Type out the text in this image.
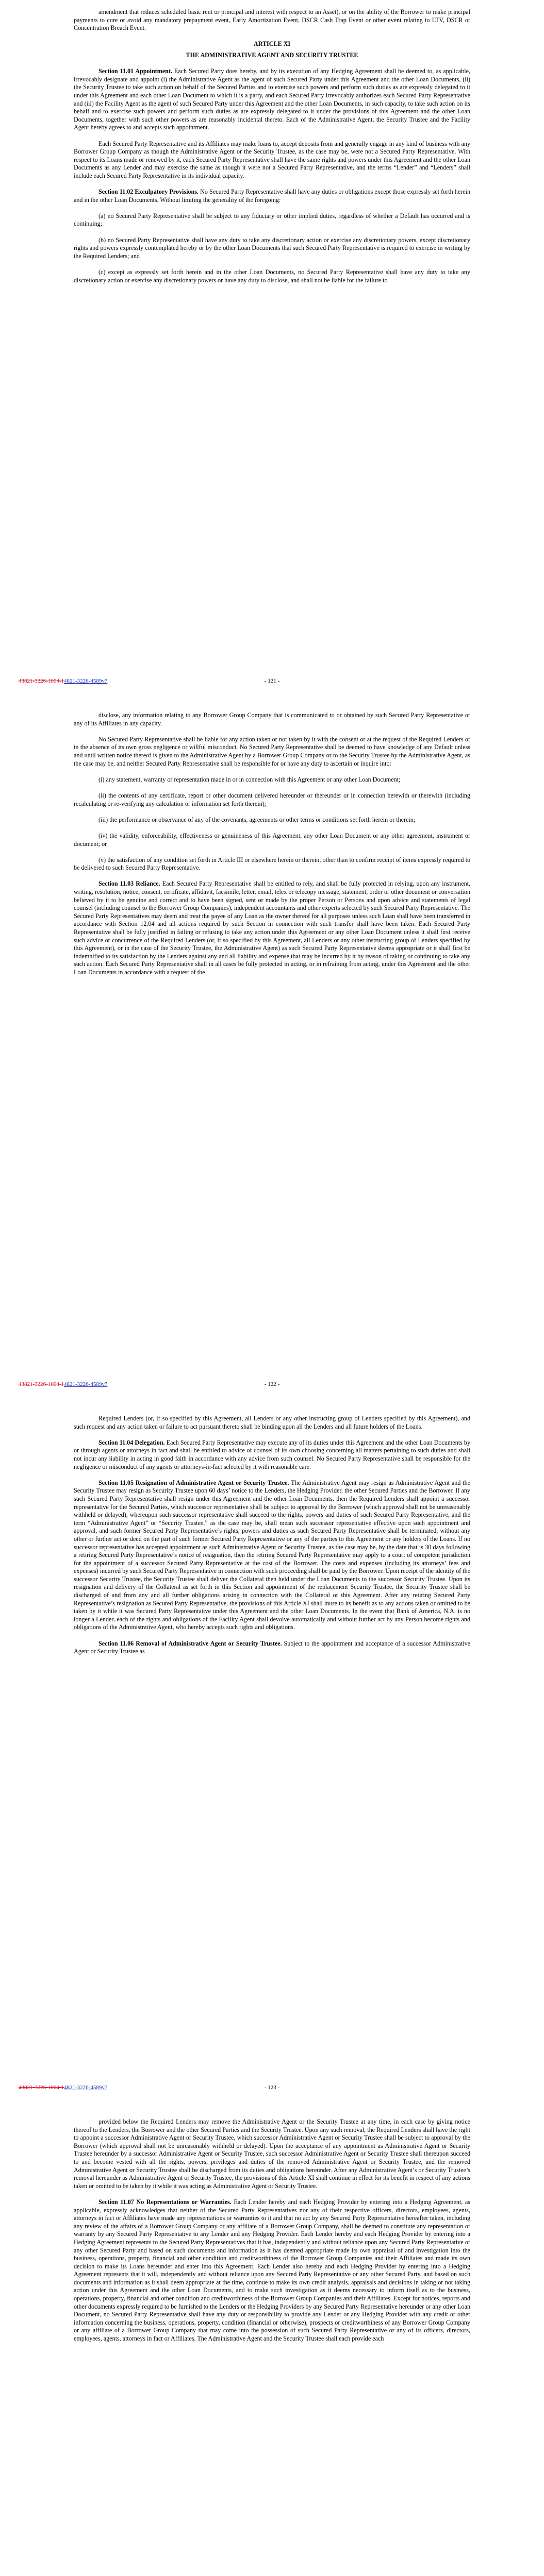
amendment that reduces scheduled basic rent or principal and interest with respect to an Asset), or on the ability of the Borrower to make principal payments to cure or avoid any mandatory prepayment event, Early Amortization Event, DSCR Cash Trap Event or other event relating to LTV, DSCR or Concentration Breach Event.

ARTICLE XI

THE ADMINISTRATIVE AGENT AND SECURITY TRUSTEE

Section 11.01 Appointment. Each Secured Party does hereby, and by its execution of any Hedging Agreement shall be deemed to, as applicable, irrevocably designate and appoint (i) the Administrative Agent as the agent of such Secured Party under this Agreement and the other Loan Documents, (ii) the Security Trustee to take such action on behalf of the Secured Parties and to exercise such powers and perform such duties as are expressly delegated to it under this Agreement and each other Loan Document to which it is a party, and each Secured Party irrevocably authorizes each Secured Party Representative and (iii) the Facility Agent as the agent of such Secured Party under this Agreement and the other Loan Documents, in such capacity, to take such action on its behalf and to exercise such powers and perform such duties as are expressly delegated to it under the provisions of this Agreement and the other Loan Documents, together with such other powers as are reasonably incidental thereto. Each of the Administrative Agent, the Security Trustee and the Facility Agent hereby agrees to and accepts such appointment.

Each Secured Party Representative and its Affiliates may make loans to, accept deposits from and generally engage in any kind of business with any Borrower Group Company as though the Administrative Agent or the Security Trustee, as the case may be, were not a Secured Party Representative. With respect to its Loans made or renewed by it, each Secured Party Representative shall have the same rights and powers under this Agreement and the other Loan Documents as any Lender and may exercise the same as though it were not a Secured Party Representative, and the terms “Lender” and “Lenders” shall include each Secured Party Representative in its individual capacity.

Section 11.02 Exculpatory Provisions. No Secured Party Representative shall have any duties or obligations except those expressly set forth herein and in the other Loan Documents. Without limiting the generality of the foregoing:

(a) no Secured Party Representative shall be subject to any fiduciary or other implied duties, regardless of whether a Default has occurred and is continuing;

(b) no Secured Party Representative shall have any duty to take any discretionary action or exercise any discretionary powers, except discretionary rights and powers expressly contemplated hereby or by the other Loan Documents that such Secured Party Representative is required to exercise in writing by the Required Lenders; and

(c) except as expressly set forth herein and in the other Loan Documents, no Secured Party Representative shall have any duty to take any discretionary action or exercise any discretionary powers or have any duty to disclose, and shall not be liable for the failure to

43821-3226-1004-14821-3226-4589v7	- 121 -

disclose, any information relating to any Borrower Group Company that is communicated to or obtained by such Secured Party Representative or any of its Affiliates in any capacity.

No Secured Party Representative shall be liable for any action taken or not taken by it with the consent or at the request of the Required Lenders or in the absence of its own gross negligence or willful misconduct. No Secured Party Representative shall be deemed to have knowledge of any Default unless and until written notice thereof is given to the Administrative Agent by a Borrower Group Company or to the Security Trustee by the Administrative Agent, as the case may be, and neither Secured Party Representative shall be responsible for or have any duty to ascertain or inquire into:

(i) any statement, warranty or representation made in or in connection with this Agreement or any other Loan Document;

(ii) the contents of any certificate, report or other document delivered hereunder or thereunder or in connection herewith or therewith (including recalculating or re-verifying any calculation or information set forth therein);

(iii) the performance or observance of any of the covenants, agreements or other terms or conditions set forth herein or therein;

(iv) the validity, enforceability, effectiveness or genuineness of this Agreement, any other Loan Document or any other agreement, instrument or document; or

(v) the satisfaction of any condition set forth in Article III or elsewhere herein or therein, other than to confirm receipt of items expressly required to be delivered to such Secured Party Representative.

Section 11.03 Reliance. Each Secured Party Representative shall be entitled to rely, and shall be fully protected in relying, upon any instrument, writing, resolution, notice, consent, certificate, affidavit, facsimile, letter, email, telex or telecopy message, statement, order or other document or conversation believed by it to be genuine and correct and to have been signed, sent or made by the proper Person or Persons and upon advice and statements of legal counsel (including counsel to the Borrower Group Companies), independent accountants and other experts selected by such Secured Party Representative. The Secured Party Representatives may deem and treat the payee of any Loan as the owner thereof for all purposes unless such Loan shall have been transferred in accordance with Section 12.04 and all actions required by such Section in connection with such transfer shall have been taken. Each Secured Party Representative shall be fully justified in failing or refusing to take any action under this Agreement or any other Loan Document unless it shall first receive such advice or concurrence of the Required Lenders (or, if so specified by this Agreement, all Lenders or any other instructing group of Lenders specified by this Agreement), or in the case of the Security Trustee, the Administrative Agent) as such Secured Party Representative deems appropriate or it shall first be indemnified to its satisfaction by the Lenders against any and all liability and expense that may be incurred by it by reason of taking or continuing to take any such action. Each Secured Party Representative shall in all cases be fully protected in acting, or in refraining from acting, under this Agreement and the other Loan Documents in accordance with a request of the

43821-3226-1004-14821-3226-4589v7	- 122 -

Required Lenders (or, if so specified by this Agreement, all Lenders or any other instructing group of Lenders specified by this Agreement), and such request and any action taken or failure to act pursuant thereto shall be binding upon all the Lenders and all future holders of the Loans.

Section 11.04 Delegation. Each Secured Party Representative may execute any of its duties under this Agreement and the other Loan Documents by or through agents or attorneys in fact and shall be entitled to advice of counsel of its own choosing concerning all matters pertaining to such duties and shall not incur any liability in acting in good faith in accordance with any advice from such counsel. No Secured Party Representative shall be responsible for the negligence or misconduct of any agents or attorneys-in-fact selected by it with reasonable care.

Section 11.05 Resignation of Administrative Agent or Security Trustee. The Administrative Agent may resign as Administrative Agent and the Security Trustee may resign as Security Trustee upon 60 days’ notice to the Lenders, the Hedging Provider, the other Secured Parties and the Borrower. If any such Secured Party Representative shall resign under this Agreement and the other Loan Documents, then the Required Lenders shall appoint a successor representative for the Secured Parties, which successor representative shall be subject to approval by the Borrower (which approval shall not be unreasonably withheld or delayed), whereupon such successor representative shall succeed to the rights, powers and duties of such Secured Party Representative, and the term “Administrative Agent” or “Security Trustee,” as the case may be, shall mean such successor representative effective upon such appointment and approval, and such former Secured Party Representative’s rights, powers and duties as such Secured Party Representative shall be terminated, without any other or further act or deed on the part of such former Secured Party Representative or any of the parties to this Agreement or any holders of the Loans. If no successor representative has accepted appointment as such Administrative Agent or Security Trustee, as the case may be, by the date that is 30 days following a retiring Secured Party Representative’s notice of resignation, then the retiring Secured Party Representative may apply to a court of competent jurisdiction for the appointment of a successor Secured Party Representative at the cost of the Borrower. The costs and expenses (including its attorneys’ fees and expenses) incurred by such Secured Party Representative in connection with such proceeding shall be paid by the Borrower. Upon receipt of the identity of the successor Security Trustee, the Security Trustee shall deliver the Collateral then held under the Loan Documents to the successor Security Trustee. Upon its resignation and delivery of the Collateral as set forth in this Section and appointment of the replacement Security Trustee, the Security Trustee shall be discharged of and from any and all further obligations arising in connection with the Collateral or this Agreement. After any retiring Secured Party Representative’s resignation as Secured Party Representative, the provisions of this Article XI shall inure to its benefit as to any actions taken or omitted to be taken by it while it was Secured Party Representative under this Agreement and the other Loan Documents. In the event that Bank of America, N.A. is no longer a Lender, each of the rights and obligations of the Facility Agent shall devolve automatically and without further act by any Person become rights and obligations of the Administrative Agent, who hereby accepts such rights and obligations.

Section 11.06 Removal of Administrative Agent or Security Trustee. Subject to the appointment and acceptance of a successor Administrative Agent or Security Trustee as

43821-3226-1004-14821-3226-4589v7	- 123 -

provided below the Required Lenders may remove the Administrative Agent or the Security Trustee at any time, in each case by giving notice thereof to the Lenders, the Borrower and the other Secured Parties and the Security Trustee. Upon any such removal, the Required Lenders shall have the right to appoint a successor Administrative Agent or Security Trustee, which successor Administrative Agent or Security Trustee shall be subject to approval by the Borrower (which approval shall not be unreasonably withheld or delayed). Upon the acceptance of any appointment as Administrative Agent or Security Trustee hereunder by a successor Administrative Agent or Security Trustee, such successor Administrative Agent or Security Trustee shall thereupon succeed to and become vested with all the rights, powers, privileges and duties of the removed Administrative Agent or Security Trustee, and the removed Administrative Agent or Security Trustee shall be discharged from its duties and obligations hereunder. After any Administrative Agent’s or Security Trustee’s removal hereunder as Administrative Agent or Security Trustee, the provisions of this Article XI shall continue in effect for its benefit in respect of any actions taken or omitted to be taken by it while it was acting as Administrative Agent or Security Trustee.

Section 11.07 No Representations or Warranties. Each Lender hereby and each Hedging Provider by entering into a Hedging Agreement, as applicable, expressly acknowledges that neither of the Secured Party Representatives nor any of their respective officers, directors, employees, agents, attorneys in fact or Affiliates have made any representations or warranties to it and that no act by any Secured Party Representative hereafter taken, including any review of the affairs of a Borrower Group Company or any affiliate of a Borrower Group Company, shall be deemed to constitute any representation or warranty by any Secured Party Representative to any Lender and any Hedging Provider. Each Lender hereby and each Hedging Provider by entering into a Hedging Agreement represents to the Secured Party Representatives that it has, independently and without reliance upon any Secured Party Representative or any other Secured Party and based on such documents and information as it has deemed appropriate made its own appraisal of and investigation into the business, operations, property, financial and other condition and creditworthiness of the Borrower Group Companies and their Affiliates and made its own decision to make its Loans hereunder and enter into this Agreement. Each Lender also hereby and each Hedging Provider by entering into a Hedging Agreement represents that it will, independently and without reliance upon any Secured Party Representative or any other Secured Party, and based on such documents and information as it shall deem appropriate at the time, continue to make its own credit analysis, appraisals and decisions in taking or not taking action under this Agreement and the other Loan Documents, and to make such investigation as it deems necessary to inform itself as to the business, operations, property, financial and other condition and creditworthiness of the Borrower Group Companies and their Affiliates. Except for notices, reports and other documents expressly required to be furnished to the Lenders or the Hedging Providers by any Secured Party Representative hereunder or any other Loan Document, no Secured Party Representative shall have any duty or responsibility to provide any Lender or any Hedging Provider with any credit or other information concerning the business, operations, property, condition (financial or otherwise), prospects or creditworthiness of any Borrower Group Company or any affiliate of a Borrower Group Company that may come into the possession of such Secured Party Representative or any of its officers, directors, employees, agents, attorneys in fact or Affiliates. The Administrative Agent and the Security Trustee shall each provide each
